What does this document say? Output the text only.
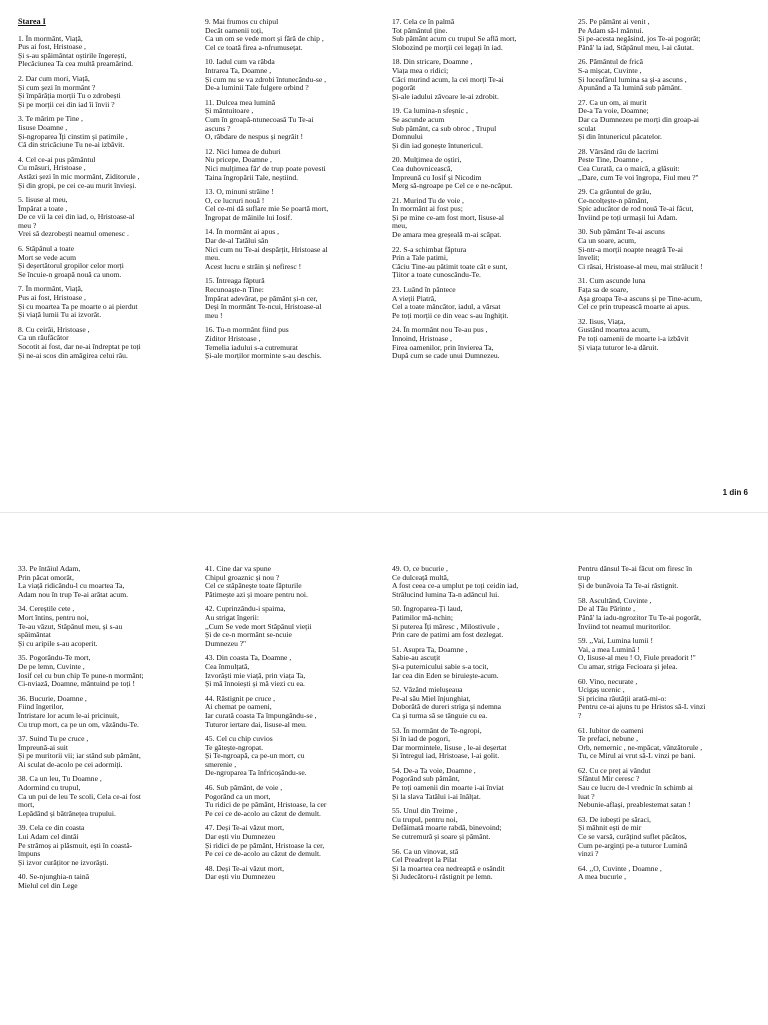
Starea I
1. În mormânt, Viață,
Pus ai fost, Hristoase ,
Și s-au spăimântat oștirile îngerești,
Plecăciunea Ta cea multă preamărind.
2. Dar cum mori, Viață,
Și cum șezi în mormânt ?
Și împărăția morții Tu o zdrobești
Și pe morții cei din iad îi învii ?
3. Te mărim pe Tine ,
Iisuse Doamne ,
Și-ngroparea Îți cinstim și patimile ,
Că din stricăciune Tu ne-ai izbăvit.
4. Cel ce-ai pus pământul
Cu măsuri, Hristoase ,
Astăzi șezi în mic mormânt, Ziditorule ,
Și din gropi, pe cei ce-au murit învieși.
5. Iisuse al meu,
Împărat a toate ,
De ce vii la cei din iad, o, Hristoase-al
meu ?
Vrei să dezrobești neamul omenesc .
6. Stăpânul a toate
Mort se vede acum
Și deșertătorul gropilor celor morți
Se încuie-n groapă nouă ca unom.
7. În mormânt, Viață,
Pus ai fost, Hristoase ,
Și cu moartea Ta pe moarte o ai pierdut
Și viață lumii Tu ai izvorât.
8. Cu ceirăi, Hristoase ,
Ca un răufăcător
Socotit ai fost, dar ne-ai îndreptat pe toți
Și ne-ai scos din amăgirea celui rău.
9. Mai frumos cu chipul
Decât oamenii toți,
Ca un om se vede mort și fără de chip ,
Cel ce toată firea a-nfrumusețat.
10. Iadul cum va răbda
Intrarea Ta, Doamne ,
Și cum nu se va zdrobi întunecându-se ,
De-a luminii Tale fulgere orbind ?
11. Dulcea mea lumină
Și mântuitoare ,
Cum în groapă-ntunecoasă Tu Te-ai
ascuns ?
O, răbdare de nespus și negrăit !
12. Nici lumea de duhuri
Nu pricepe, Doamne ,
Nici mulțimea făr' de trup poate povesti
Taina îngropării Tale, neștiind.
13. O, minuni străine !
O, ce lucruri nouă !
Cel ce-mi dă suflare mie Se poartă mort,
Îngropat de mâinile lui Iosif.
14. În mormânt ai apus ,
Dar de-al Tatălui sân
Nici cum nu Te-ai despărțit, Hristoase al
meu.
Acest lucru e străin și nefiresc !
15. Întreaga făptură
Recunoaște-n Tine:
Împărat adevărat, pe pământ și-n cer,
Deși în mormânt Te-ncui, Hristoase-al
meu !
16. Tu-n mormânt fiind pus
Ziditor Hristoase ,
Temelia iadului s-a cutremurat
Și-ale morților morminte s-au deschis.
17. Cela ce în palmă
Tot pământul ține.
Sub pământ acum cu trupul Se află mort,
Slobozind pe morții cei legați în iad.
18. Din stricare, Doamne ,
Viața mea o ridici;
Căci murind acum, la cei morți Te-ai
pogorât
Și-ale iadului zăvoare le-ai zdrobit.
19. Ca lumina-n sfeșnic ,
Se ascunde acum
Sub pământ, ca sub obroc , Trupul
Domnului
Și din iad gonește întunericul.
20. Mulțimea de oștiri,
Cea duhovnicească,
Împreună cu Iosif și Nicodim
Merg să-ngroape pe Cel ce e ne-ncăput.
21. Murind Tu de voie ,
În mormânt ai fost pus;
Și pe mine ce-am fost mort, Iisuse-al
meu,
De amara mea greșeală m-ai scăpat.
22. S-a schimbat făptura
Prin a Tale patimi,
Căciu Tine-au pătimit toate cât e sunt,
Țiitor a toate cunoscându-Te.
23. Luând în pântece
A vieții Piatră,
Cel a toate mâncător, iadul, a vărsat
Pe toți morții ce din veac s-au înghițit.
24. În mormânt nou Te-au pus ,
Înnoind, Hristoase ,
Firea oamenilor, prin învierea Ta,
După cum se cade unui Dumnezeu.
25. Pe pământ ai venit ,
Pe Adam să-l mântui.
Și pe-acesta negăsind, jos Te-ai pogorât;
Până' la iad, Stăpânul meu, l-ai căutat.
26. Pământul de frică
S-a mișcat, Cuvinte ,
Și luceafărul lumina sa și-a ascuns ,
Apunând a Ta lumină sub pământ.
27. Ca un om, ai murit
De-a Ta voie, Doamne;
Dar ca Dumnezeu pe morți din groap-ai
sculat
Și din întunericul păcatelor.
28. Vărsând râu de lacrimi
Peste Tine, Doamne ,
Cea Curată, ca o maică, a glăsuit:
,,Dare, cum Te voi îngropa, Fiul meu ?''
29. Ca grăuntul de grâu,
Ce-ncolțește-n pământ,
Spic aducător de rod nouă Te-ai făcut,
Înviind pe toți urmașii lui Adam.
30. Sub pământ Te-ai ascuns
Ca un soare, acum,
Și-ntr-a morții noapte neagră Te-ai
învelit;
Ci răsai, Hristoase-al meu, mai strălucit !
31. Cum ascunde luna
Fața sa de soare,
Așa groapa Te-a ascuns și pe Tine-acum,
Cel ce prin trupească moarte ai apus.
32. Iisus, Viața,
Gustând moartea acum,
Pe toți oamenii de moarte i-a izbăvit
Și viața tuturor le-a dăruit.
1 din 6
33. Pe întâiul Adam,
Prin păcat omorât,
La viață ridicându-l cu moartea Ta,
Adam nou în trup Te-ai arătat acum.
34. Cereștile cete ,
Mort întins, pentru noi,
Te-au văzut, Stăpânul meu, și s-au
spăimântat
Și cu aripile s-au acoperit.
35. Pogorându-Te mort,
De pe lemn, Cuvinte ,
Iosif cel cu bun chip Te pune-n mormânt;
Ci-nviază, Doamne, mântuind pe toți !
36. Bucurie, Doamne ,
Fiind îngerilor,
Întristare lor acum le-ai pricinuit,
Cu trup mort, ca pe un om, văzându-Te.
37. Suind Tu pe cruce ,
Împreună-ai suit
Și pe muritorii vii; iar stând sub pământ,
Ai sculat de-acolo pe cei adormiți.
38. Ca un leu, Tu Doamne ,
Adormind cu trupul,
Ca un pui de leu Te scoli, Cela ce-ai fost
mort,
Lepădând și bătrânețea trupului.
39. Cela ce din coasta
Lui Adam cel dintâi
Pe strămoș ai plăsmuit, ești în coastă-
împuns
Și izvor curățitor ne izvorăști.
40. Se-njunghia-n taină
Mielul cel din Lege
41. Cine dar va spune
Chipul groaznic și nou ?
Cel ce stăpânește toate făpturile
Pătimește azi și moare pentru noi.
42. Cuprinzându-i spaima,
Au strigat îngerii:
,,Cum Se vede mort Stăpânul vieții
Și de ce-n mormânt se-ncuie
Dumnezeu ?''
43. Din coasta Ta, Doamne ,
Cea înmulțată,
Izvorăști mie viață, prin viața Ta,
Și mă înnoiești și mă viezi cu ea.
44. Răstignit pe cruce ,
Ai chemat pe oameni,
Iar curată coasta Ta împungându-se ,
Tuturor iertare dai, Iisuse-al meu.
45. Cel cu chip cuvios
Te gătește-ngropat.
Și Te-ngroapă, ca pe-un mort, cu
smerenie ,
De-ngroparea Ta înfricoșându-se.
46. Sub pământ, de voie ,
Pogorând ca un mort,
Tu ridici de pe pământ, Hristoase, la cer
Pe cei ce de-acolo au căzut de demult.
47. Deși Te-ai văzut mort,
Dar ești viu Dumnezeu
Și ridici de pe pământ, Hristoase la cer,
Pe cei ce de-acolo au căzut de demult.
48. Deși Te-ai văzut mort,
Dar ești viu Dumnezeu
49. O, ce bucurie ,
Ce dulceață multă,
A fost ceea ce-a umplut pe toți ceidin iad,
Strălucind lumina Ta-n adâncul lui.
50. Îngroparea-Ți laud,
Patimilor mă-nchin;
Și puterea Îți măresc , Milostivule ,
Prin care de patimi am fost dezlegat.
51. Asupra Ta, Doamne ,
Sabie-au ascuțit
Și-a puternicului sabie s-a tocit,
Iar cea din Eden se biruiește-acum.
52. Văzând mielușeaua
Pe-al său Miel înjunghiat,
Doborâtă de dureri striga și ndemna
Ca și turma să se tânguie cu ea.
53. În mormânt de Te-ngropi,
Și în iad de pogori,
Dar mormintele, Iisuse , le-ai deșertat
Și întregul iad, Hristoase, l-ai golit.
54. De-a Ta voie, Doamne ,
Pogorând sub pământ,
Pe toți oamenii din moarte i-ai înviat
Și la slava Tatălui i-ai înălțat.
55. Unul din Treime ,
Cu trupul, pentru noi,
Defăimată moarte rabdă, binevoind;
Se cutremură și soare și pământ.
56. Ca un vinovat, stă
Cel Preadrept la Pilat
Și la moartea cea nedreaptă e osândit
Și Judecătoru-i răstignit pe lemn.
Pentru dânsul Te-ai făcut om firesc în
trup
Și de bunăvoia Ta Te-ai răstignit.
58. Ascultând, Cuvinte ,
De al Tău Părinte ,
Până' la iadu-ngrozitor Tu Te-ai pogorât,
Înviind tot neamul muritorilor.
59. ,,Vai, Lumina lumii !
Vai, a mea Lumină !
O, Iisuse-al meu ! O, Fiule preadorit !''
Cu amar, striga Fecioara și jelea.
60. Vino, necurate ,
Ucigaș ucenic ,
Și pricina răutății arată-mi-o:
Pentru ce-ai ajuns tu pe Hristos să-L vinzi
?
61. Iubitor de oameni
Te prefaci, nebune ,
Orb, nemernic , ne-mpăcat, vânzătorule ,
Tu, ce Mirul ai vrut să-L vinzi pe bani.
62. Cu ce preț ai vândut
Sfântul Mir ceresc ?
Sau ce lucru de-l vrednic în schimb ai
luat ?
Nebunie-aflași, preablestemat satan !
63. De iubești pe săraci,
Și mâhnit ești de mir
Ce se varsă, curățind suflet păcătos,
Cum pe-arginți pe-a tuturor Lumină
vinzi ?
64. ,,O, Cuvinte , Doamne ,
A mea bucurie ,
